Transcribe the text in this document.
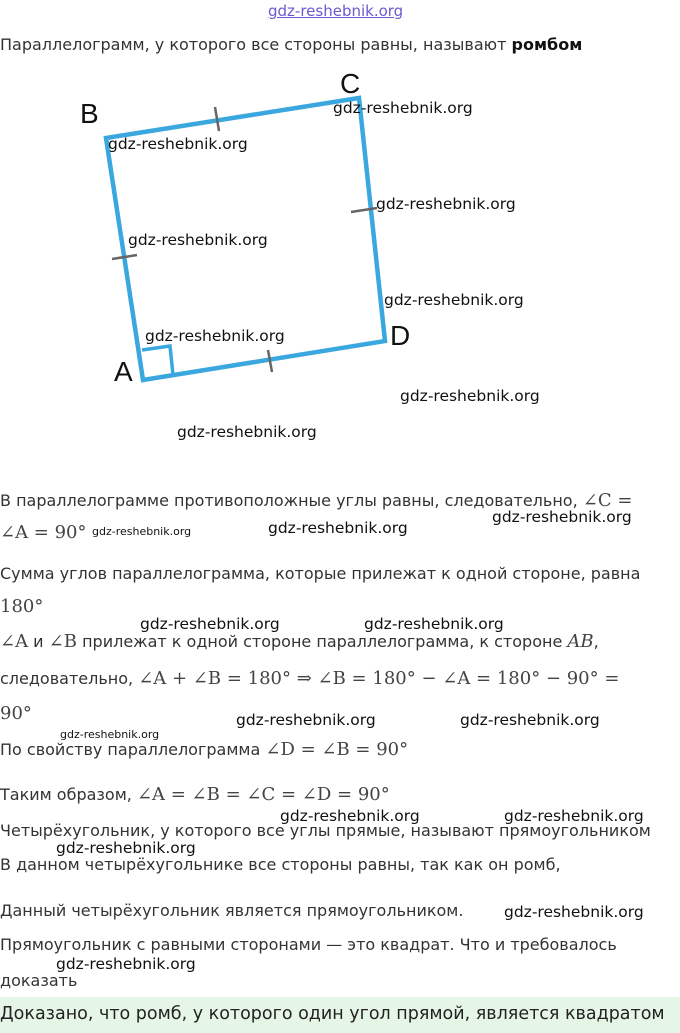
gdz-reshebnik.org
Параллелограмм, у которого все стороны равны, называют ромбом
B
C
D
A
gdz-reshebnik.org
gdz-reshebnik.org
gdz-reshebnik.org
gdz-reshebnik.org
gdz-reshebnik.org
gdz-reshebnik.org
gdz-reshebnik.org
gdz-reshebnik.org
В параллелограмме противоположные углы равны, следовательно, ∠C =
∠A = 90° gdz-reshebnik.org	gdz-reshebnik.org
gdz-reshebnik.org
Сумма углов параллелограмма, которые прилежат к одной стороне, равна
180°
gdz-reshebnik.org	gdz-reshebnik.org
∠A и ∠B прилежат к одной стороне параллелограмма, к стороне AB,
следовательно, ∠A + ∠B = 180° ⇒ ∠B = 180° − ∠A = 180° − 90° =
90°
gdz-reshebnik.org
gdz-reshebnik.org	gdz-reshebnik.org
По свойству параллелограмма ∠D = ∠B = 90°
Таким образом, ∠A = ∠B = ∠C = ∠D = 90°
gdz-reshebnik.org	gdz-reshebnik.org
Четырёхугольник, у которого все углы прямые, называют прямоугольником
gdz-reshebnik.org
В данном четырёхугольнике все стороны равны, так как он ромб,
Данный четырёхугольник является прямоугольником.	gdz-reshebnik.org
Прямоугольник с равными сторонами — это квадрат. Что и требовалось
доказать
gdz-reshebnik.org
Доказано, что ромб, у которого один угол прямой, является квадратом
